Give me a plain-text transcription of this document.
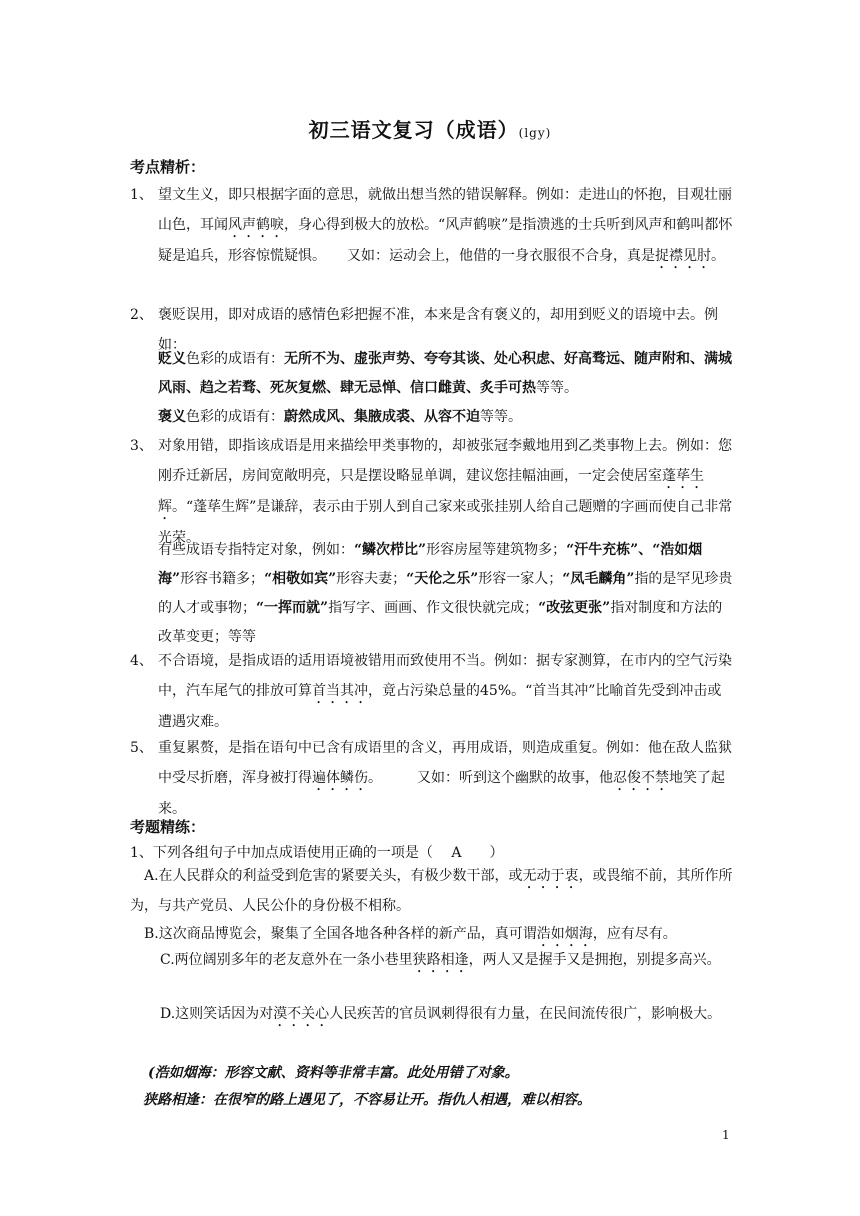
初三语文复习（成语）(lgy)
考点精析：
1、 望文生义，即只根据字面的意思，就做出想当然的错误解释。例如：走进山的怀抱，目观壮丽山色，耳闻风声鹤唳，身心得到极大的放松。“风声鹤唳”是指溃逃的士兵听到风声和鹤叫都怀疑是追兵，形容惊慌疑惧。　　又如：运动会上，他借的一身衣服很不合身，真是捉襟见肘。
2、 褒贬误用，即对成语的感情色彩把握不准，本来是含有褒义的，却用到贬义的语境中去。例如：
贬义色彩的成语有：无所不为、虚张声势、夸夸其谈、处心积虑、好高骛远、随声附和、满城风雨、趋之若骛、死灰复燃、肆无忌惮、信口雌黄、炙手可热等等。
褒义色彩的成语有：蔚然成风、集腋成裘、从容不迫等等。
3、 对象用错，即指该成语是用来描绘甲类事物的，却被张冠李戴地用到乙类事物上去。例如：您刚乔迁新居，房间宽敞明亮，只是摆设略显单调，建议您挂幅油画，一定会使居室蓬荜生辉。“蓬荜生辉”是谦辞，表示由于别人到自己家来或张挂别人给自己题赠的字画而使自己非常光荣。
有些成语专指特定对象，例如：“鳞次栉比”形容房屋等建筑物多；“汗牛充栋”、“浩如烟海”形容书籍多；“相敬如宾”形容夫妻；“天伦之乐”形容一家人；“凤毛麟角”指的是罕见珍贵的人才或事物；“一挥而就”指写字、画画、作文很快就完成；“改弦更张”指对制度和方法的改革变更；等等
4、 不合语境，是指成语的适用语境被错用而致使用不当。例如：据专家测算，在市内的空气污染中，汽车尾气的排放可算首当其冲，竟占污染总量的45%。“首当其冲”比喻首先受到冲击或遭遇灾难。
5、 重复累赘，是指在语句中已含有成语里的含义，再用成语，则造成重复。例如：他在敌人监狱中受尽折磨，浑身被打得遍体鳞伤。　　　又如：听到这个幽默的故事，他忍俊不禁地笑了起来。
考题精练：
1、下列各组句子中加点成语使用正确的一项是（　 A　　）
A.在人民群众的利益受到危害的紧要关头，有极少数干部，或无动于衷，或畏缩不前，其所作所为，与共产党员、人民公仆的身份极不相称。
B.这次商品博览会，聚集了全国各地各种各样的新产品，真可谓浩如烟海，应有尽有。
C.两位阔别多年的老友意外在一条小巷里狭路相逢，两人又是握手又是拥抱，别提多高兴。
D.这则笑话因为对漠不关心人民疾苦的官员讽刺得很有力量，在民间流传很广，影响极大。
(浩如烟海：形容文献、资料等非常丰富。此处用错了对象。
狭路相逢：在很窄的路上遇见了，不容易让开。指仇人相遇，难以相容。
1
